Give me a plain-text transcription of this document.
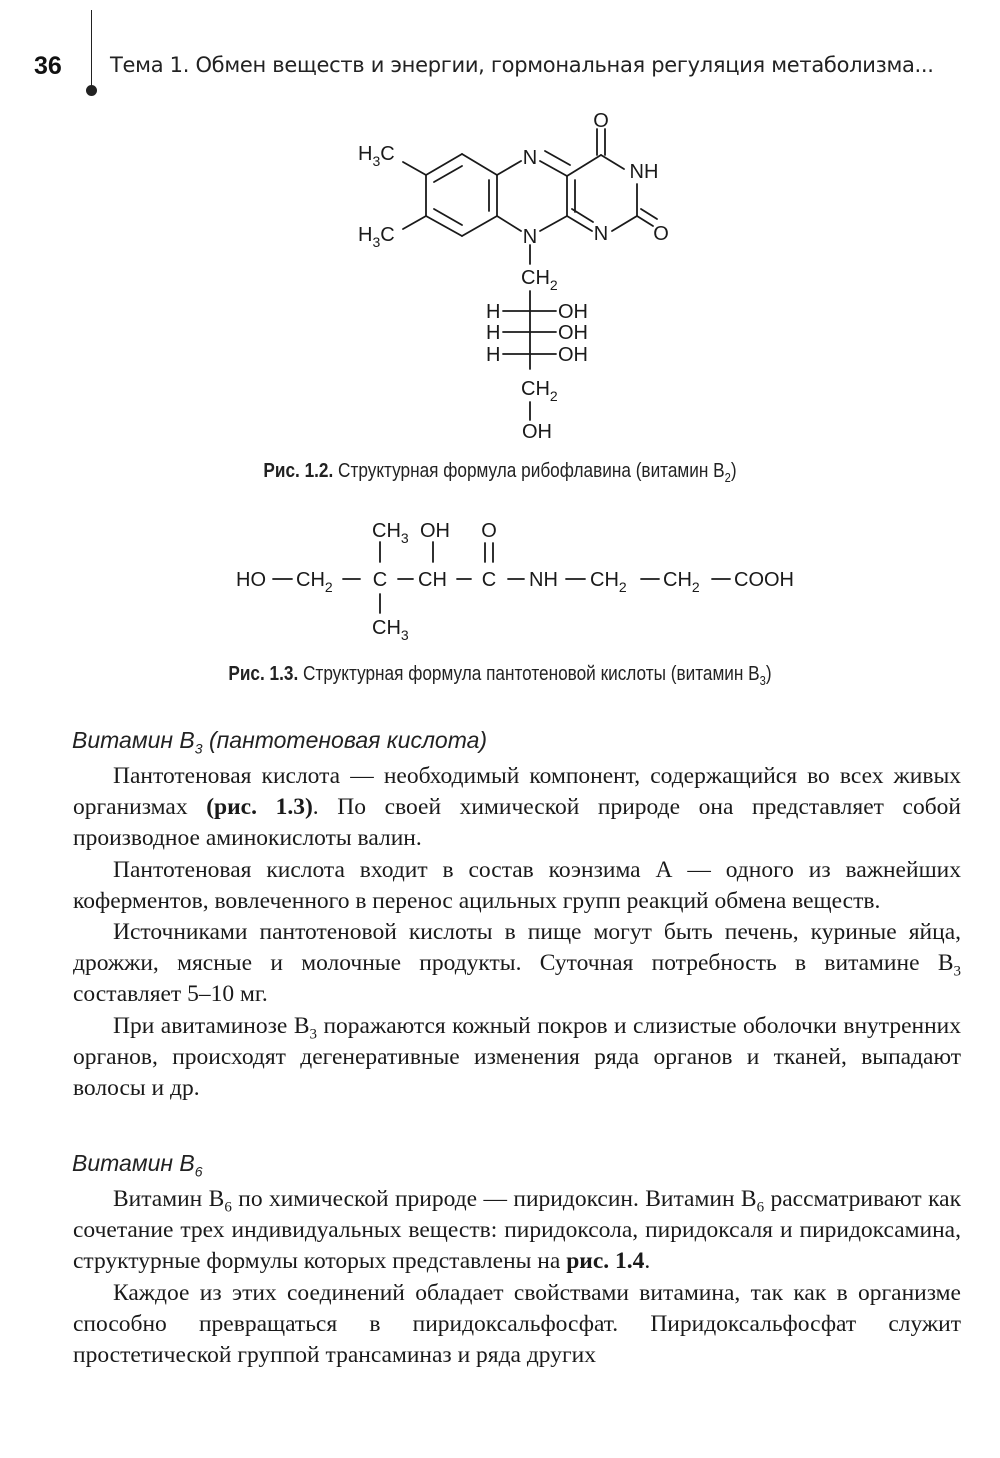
36 Тема 1. Обмен веществ и энергии, гормональная регуляция метаболизма...
O
NH
O
N
N
N
$H_3C$
$H_3C$
$CH_2$
H
H
H
OH
OH
OH
$CH_2$
OH
Рис. 1.2. Структурная формула рибофлавина (витамин $B_2$)
$CH_3$ OH O
HO $CH_2$ C CH C NH $CH_2$ $CH_2$ COOH
$CH_3$
Рис. 1.3. Структурная формула пантотеновой кислоты (витамин $B_3$)
Витамин $B_3$ (пантотеновая кислота)

Пантотеновая кислота — необходимый компонент, содержащийся во всех живых организмах (рис. 1.3). По своей химической природе она представляет собой производное аминокислоты валин.

Пантотеновая кислота входит в состав коэнзима А — одного из важнейших коферментов, вовлеченного в перенос ацильных групп реакций обмена веществ.

Источниками пантотеновой кислоты в пище могут быть печень, куриные яйца, дрожжи, мясные и молочные продукты. Суточная потребность в витамине $B_3$ составляет 5–10 мг.

При авитаминозе $B_3$ поражаются кожный покров и слизистые оболочки внутренних органов, происходят дегенеративные изменения ряда органов и тканей, выпадают волосы и др.

Витамин $B_6$

Витамин $B_6$ по химической природе — пиридоксин. Витамин $B_6$ рассматривают как сочетание трех индивидуальных веществ: пиридоксола, пиридоксаля и пиридоксамина, структурные формулы которых представлены на рис. 1.4.

Каждое из этих соединений обладает свойствами витамина, так как в организме способно превращаться в пиридоксальфосфат. Пиридоксальфосфат служит простетической группой трансаминаз и ряда других
